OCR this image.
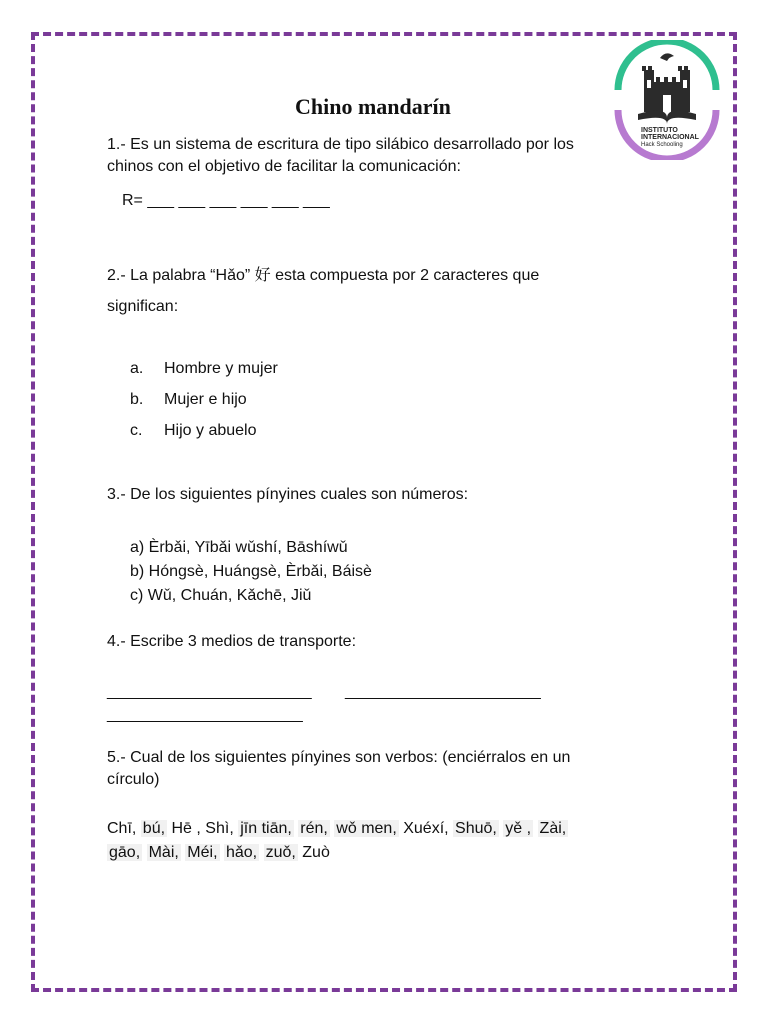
INSTITUTO
INTERNACIONAL
Hack Schooling
Chino mandarín
1.- Es un sistema de escritura de tipo silábico desarrollado por los
chinos con el objetivo de facilitar la comunicación:
R= ___ ___ ___ ___ ___ ___
2.- La palabra “Hǎo” 好 esta compuesta por 2 caracteres que
significan:
a. Hombre y mujer
b. Mujer e hijo
c. Hijo y abuelo
3.- De los siguientes pínyines cuales son números:
a) Èrbǎi, Yībǎi wǔshí, Bāshíwǔ
b) Hóngsè, Huángsè, Èrbǎi, Báisè
c) Wǔ, Chuán, Kǎchē, Jiǔ
4.- Escribe 3 medios de transporte:
_______________________ ______________________
______________________
5.- Cual de los siguientes pínyines son verbos: (enciérralos en un
círculo)
Chī, bú, Hē , Shì, jīn tiān, rén, wǒ men, Xuéxí, Shuō, yě , Zài,
gāo, Mài, Méi, hǎo, zuǒ, Zuò
